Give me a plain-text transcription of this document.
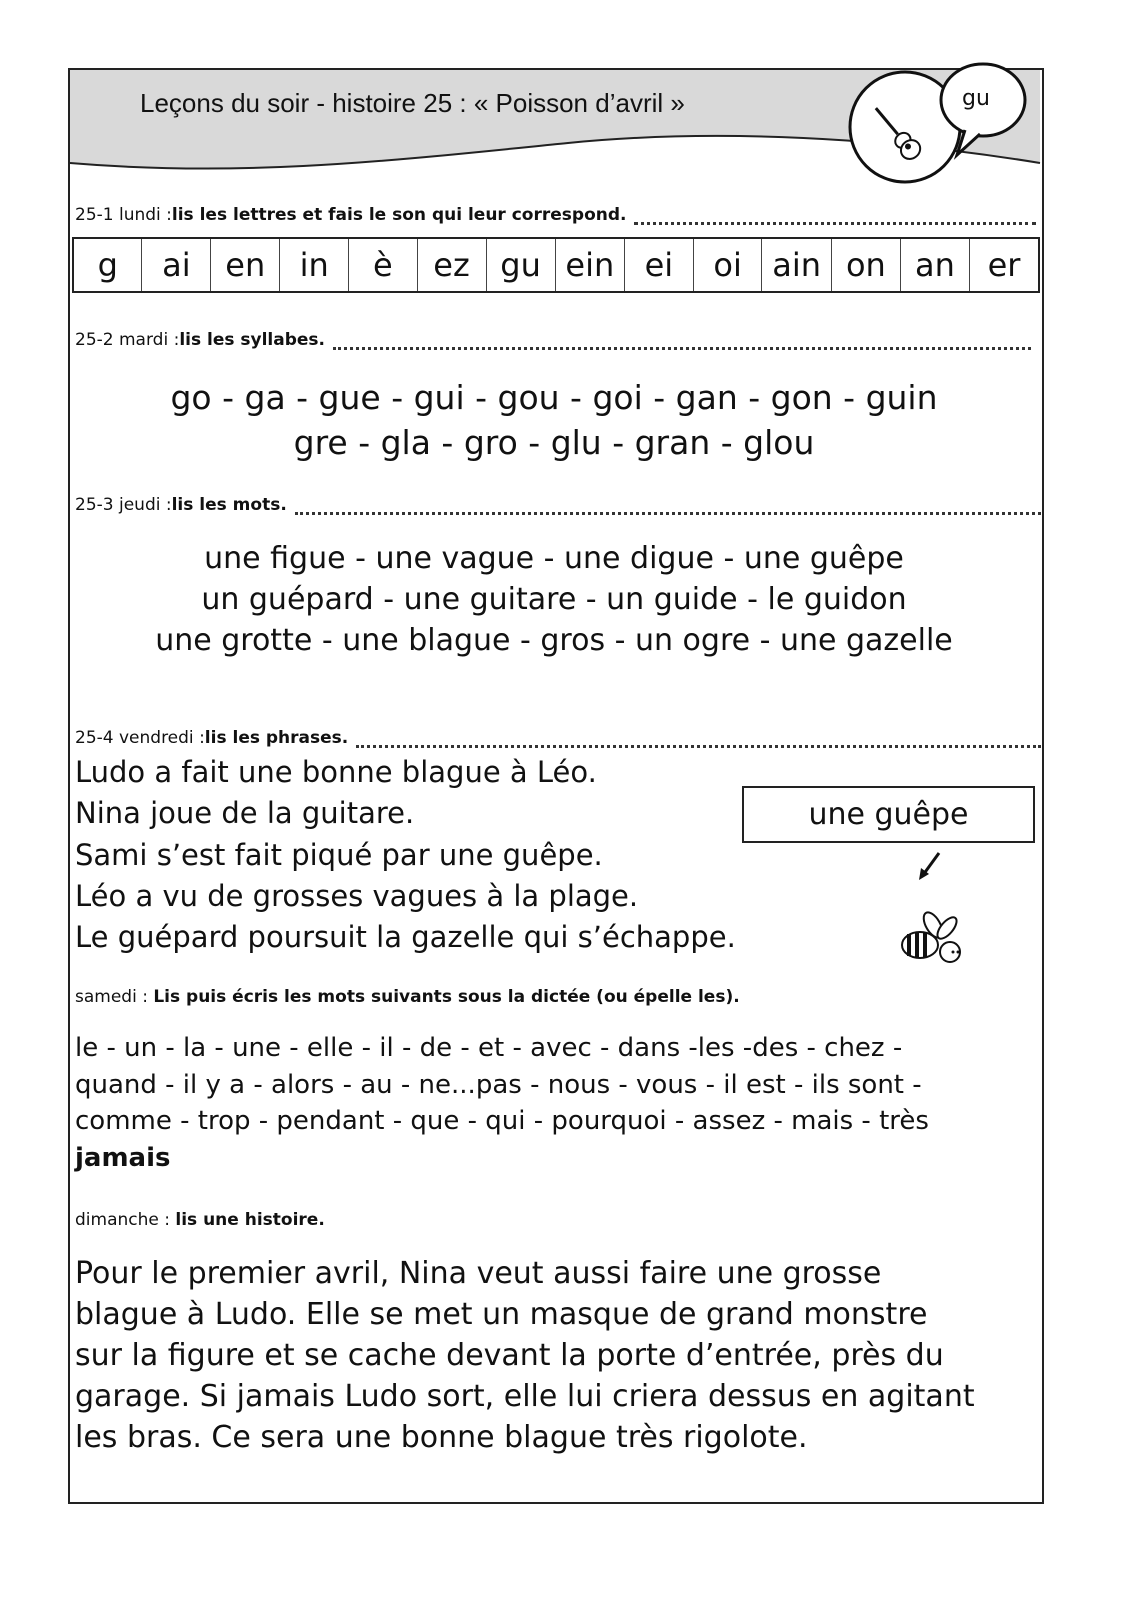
Leçons du soir - histoire 25 : « Poisson d’avril »	gu
25-1 lundi : lis les lettres et fais le son qui leur correspond.
g	ai	en	in	è	ez	gu	ein	ei	oi	ain	on	an	er
25-2 mardi : lis les syllabes.
go - ga - gue - gui - gou - goi - gan - gon - guin
gre - gla - gro - glu - gran - glou
25-3 jeudi : lis les mots.
une figue - une vague - une digue - une guêpe
un guépard - une guitare - un guide - le guidon
une grotte - une blague - gros - un ogre - une gazelle
25-4 vendredi : lis les phrases.
Ludo a fait une bonne blague à Léo.
Nina joue de la guitare.
Sami s’est fait piqué par une guêpe.
Léo a vu de grosses vagues à la plage.
Le guépard poursuit la gazelle qui s’échappe.
une guêpe
samedi : Lis puis écris les mots suivants sous la dictée (ou épelle les).
le - un - la - une - elle - il - de - et - avec - dans -les -des - chez -
quand - il y a - alors - au - ne...pas - nous - vous - il est - ils sont -
comme - trop - pendant - que - qui - pourquoi - assez - mais - très
jamais
dimanche : lis une histoire.
Pour le premier avril, Nina veut aussi faire une grosse
blague à Ludo. Elle se met un masque de grand monstre
sur la figure et se cache devant la porte d’entrée, près du
garage. Si jamais Ludo sort, elle lui criera dessus en agitant
les bras. Ce sera une bonne blague très rigolote.
